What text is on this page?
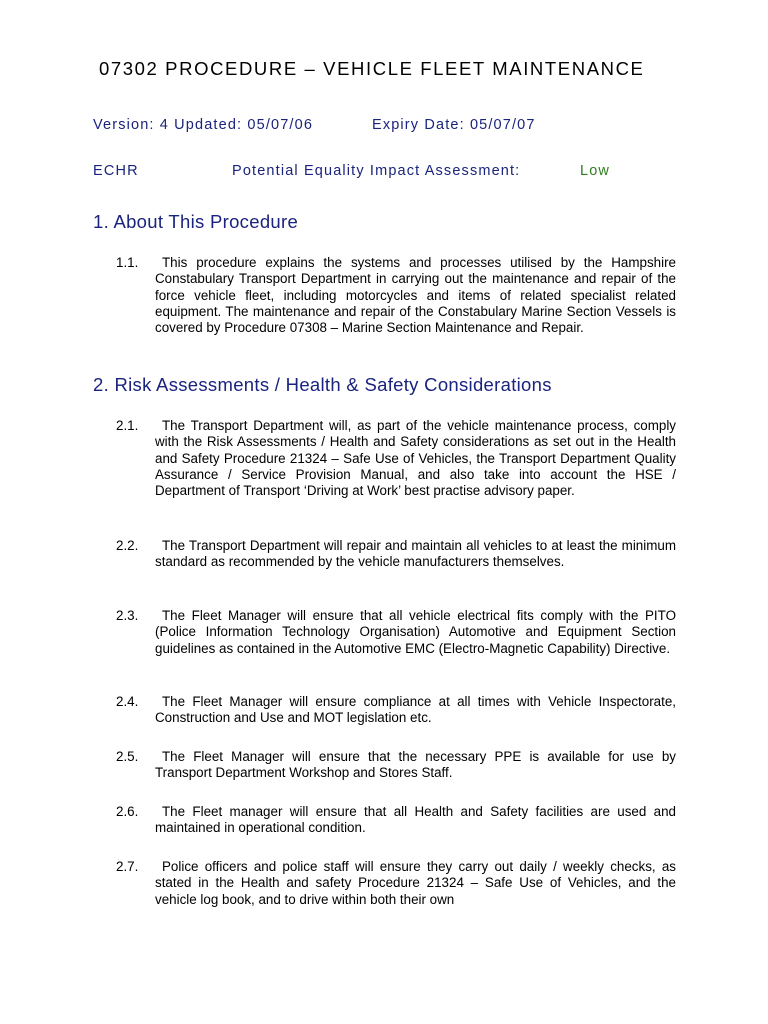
07302 PROCEDURE – VEHICLE FLEET MAINTENANCE
Version: 4 Updated: 05/07/06	Expiry Date: 05/07/07
ECHR	Potential Equality Impact Assessment:	Low
1. About This Procedure
1.1.	This procedure explains the systems and processes utilised by the Hampshire Constabulary Transport Department in carrying out the maintenance and repair of the force vehicle fleet, including motorcycles and items of related specialist related equipment. The maintenance and repair of the Constabulary Marine Section Vessels is covered by Procedure 07308 – Marine Section Maintenance and Repair.
2. Risk Assessments / Health & Safety Considerations
2.1.	The Transport Department will, as part of the vehicle maintenance process, comply with the Risk Assessments / Health and Safety considerations as set out in the Health and Safety Procedure 21324 – Safe Use of Vehicles, the Transport Department Quality Assurance / Service Provision Manual, and also take into account the HSE / Department of Transport ‘Driving at Work’ best practise advisory paper.
2.2.	The Transport Department will repair and maintain all vehicles to at least the minimum standard as recommended by the vehicle manufacturers themselves.
2.3.	The Fleet Manager will ensure that all vehicle electrical fits comply with the PITO (Police Information Technology Organisation) Automotive and Equipment Section guidelines as contained in the Automotive EMC (Electro-Magnetic Capability) Directive.
2.4.	The Fleet Manager will ensure compliance at all times with Vehicle Inspectorate, Construction and Use and MOT legislation etc.
2.5.	The Fleet Manager will ensure that the necessary PPE is available for use by Transport Department Workshop and Stores Staff.
2.6.	The Fleet manager will ensure that all Health and Safety facilities are used and maintained in operational condition.
2.7.	Police officers and police staff will ensure they carry out daily / weekly checks, as stated in the Health and safety Procedure 21324 – Safe Use of Vehicles, and the vehicle log book, and to drive within both their own
